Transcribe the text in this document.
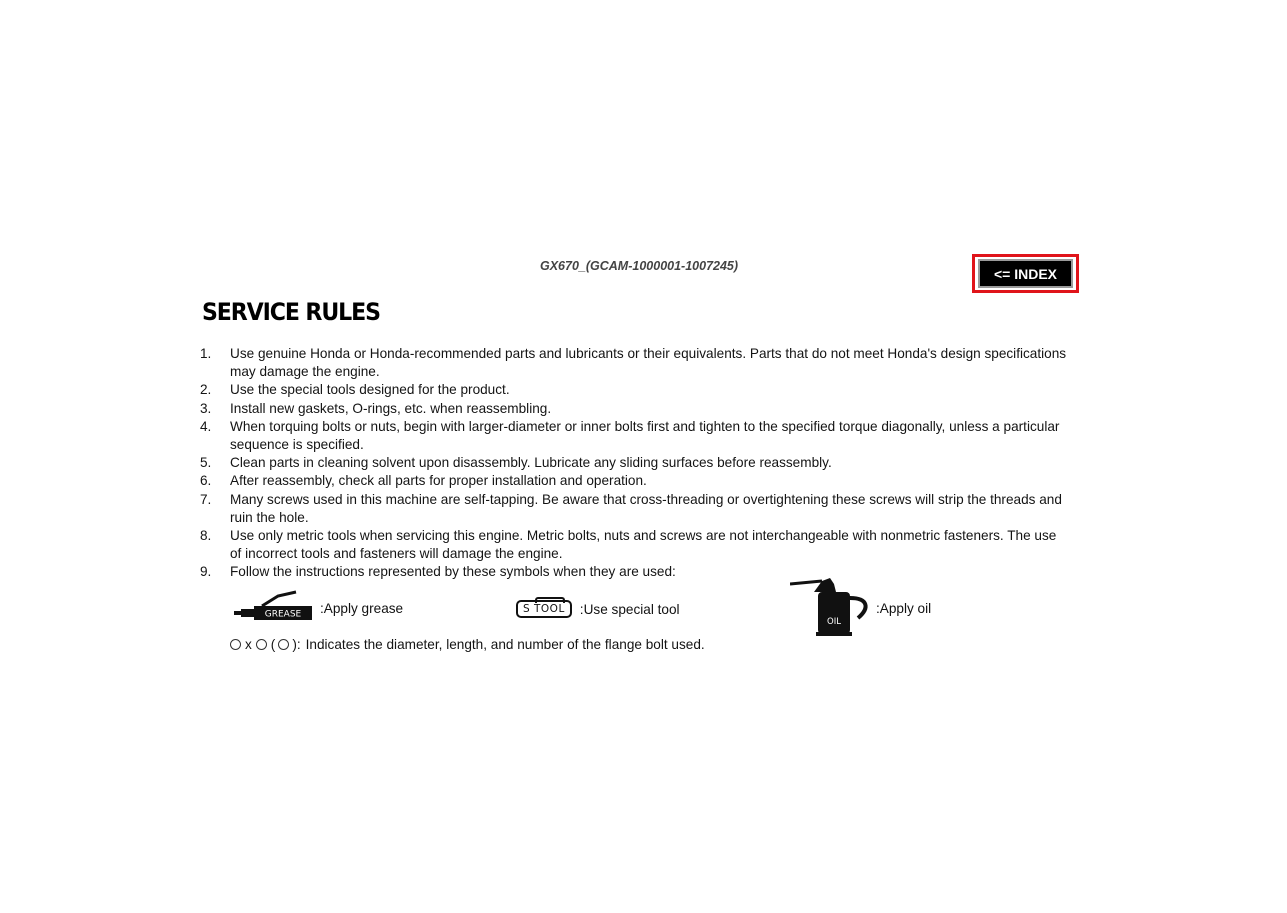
GX670_(GCAM-1000001-1007245)	<= INDEX
SERVICE RULES
1.	Use genuine Honda or Honda-recommended parts and lubricants or their equivalents. Parts that do not meet Honda's design specifications may damage the engine.
2.	Use the special tools designed for the product.
3.	Install new gaskets, O-rings, etc. when reassembling.
4.	When torquing bolts or nuts, begin with larger-diameter or inner bolts first and tighten to the specified torque diagonally, unless a particular sequence is specified.
5.	Clean parts in cleaning solvent upon disassembly. Lubricate any sliding surfaces before reassembly.
6.	After reassembly, check all parts for proper installation and operation.
7.	Many screws used in this machine are self-tapping. Be aware that cross-threading or overtightening these screws will strip the threads and ruin the hole.
8.	Use only metric tools when servicing this engine. Metric bolts, nuts and screws are not interchangeable with nonmetric fasteners. The use of incorrect tools and fasteners will damage the engine.
9.	Follow the instructions represented by these symbols when they are used:
GREASE :Apply grease	S TOOL	:Use special tool
OIL
:Apply oil
x ( ): Indicates the diameter, length, and number of the flange bolt used.
